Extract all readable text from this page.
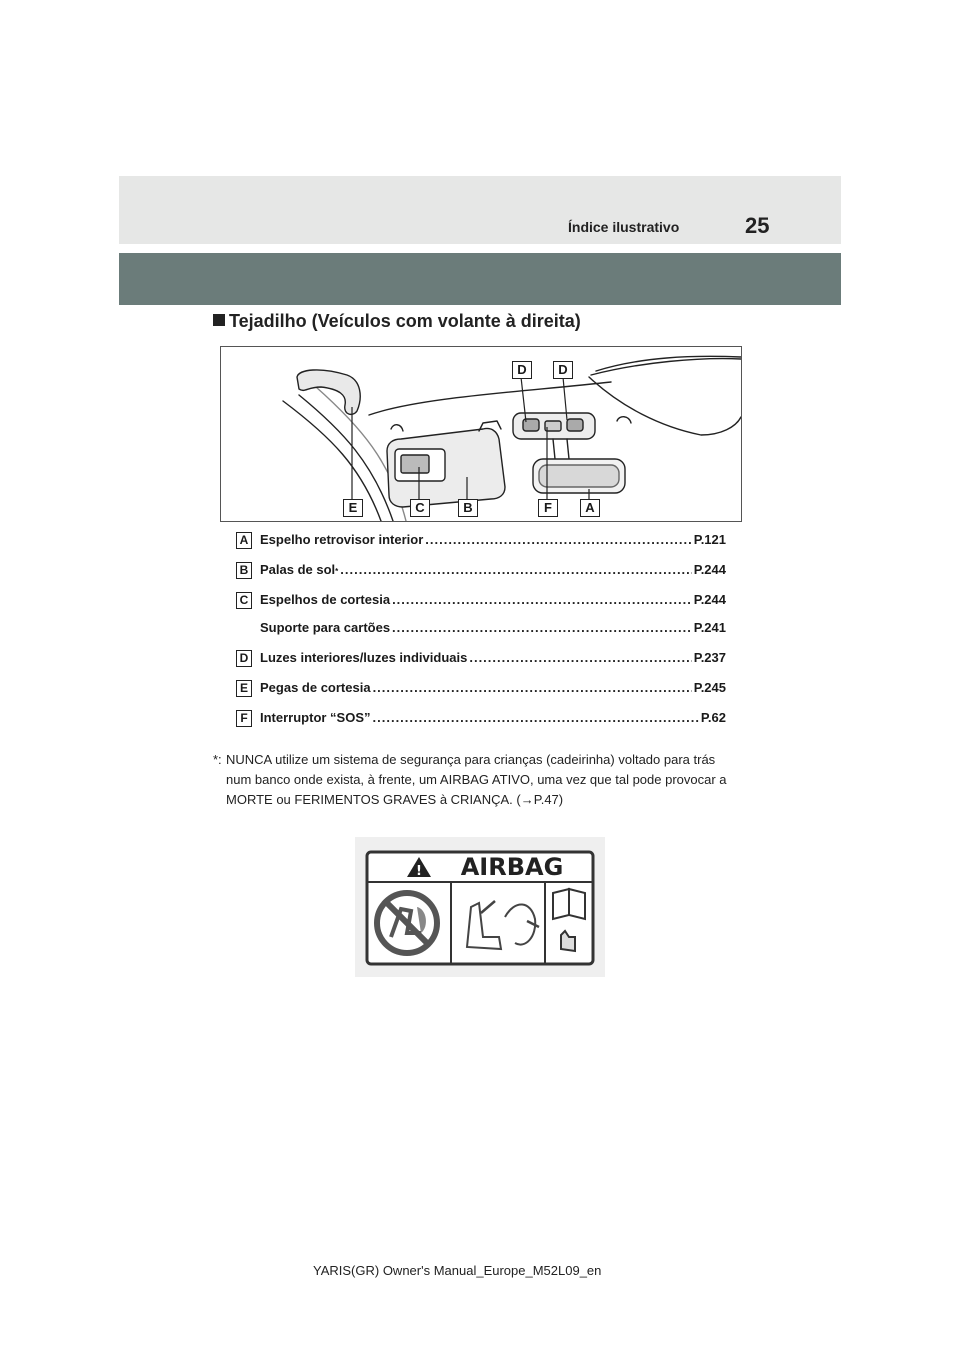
Índice ilustrativo	25
Tejadilho (Veículos com volante à direita)
D	D
E	C	B	F	A
A Espelho retrovisor interior .....	P.121
B Palas de sol * .....	P.244
C Espelhos de cortesia .....	P.244
Suporte para cartões .....	P.241
D Luzes interiores/luzes individuais .....	P.237
E Pegas de cortesia .....	P.245
F Interruptor “SOS” .....	P.62
*: NUNCA utilize um sistema de segurança para crianças (cadeirinha) voltado para trás num banco onde exista, à frente, um AIRBAG ATIVO, uma vez que tal pode provocar a MORTE ou FERIMENTOS GRAVES à CRIANÇA. (→P.47)
AIRBAG
!
YARIS(GR) Owner's Manual_Europe_M52L09_en
